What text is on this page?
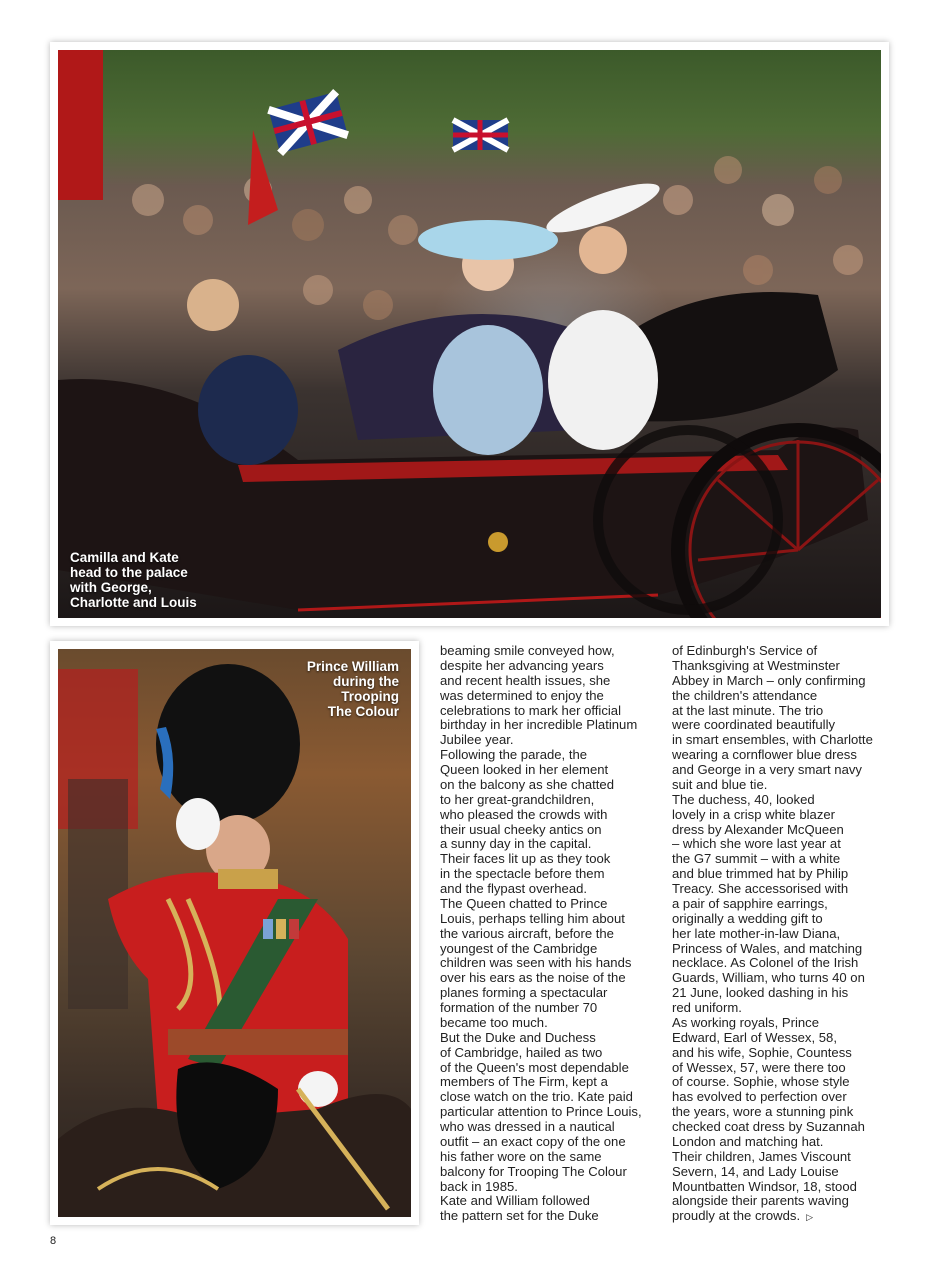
Camilla and Kate
head to the palace
with George,
Charlotte and Louis
Prince William
during the
Trooping
The Colour
beaming smile conveyed how,
despite her advancing years
and recent health issues, she
was determined to enjoy the
celebrations to mark her official
birthday in her incredible Platinum
Jubilee year.
Following the parade, the
Queen looked in her element
on the balcony as she chatted
to her great-grandchildren,
who pleased the crowds with
their usual cheeky antics on
a sunny day in the capital.
Their faces lit up as they took
in the spectacle before them
and the flypast overhead.
The Queen chatted to Prince
Louis, perhaps telling him about
the various aircraft, before the
youngest of the Cambridge
children was seen with his hands
over his ears as the noise of the
planes forming a spectacular
formation of the number 70
became too much.
But the Duke and Duchess
of Cambridge, hailed as two
of the Queen's most dependable
members of The Firm, kept a
close watch on the trio. Kate paid
particular attention to Prince Louis,
who was dressed in a nautical
outfit – an exact copy of the one
his father wore on the same
balcony for Trooping The Colour
back in 1985.
Kate and William followed
the pattern set for the Duke
of Edinburgh's Service of
Thanksgiving at Westminster
Abbey in March – only confirming
the children's attendance
at the last minute. The trio
were coordinated beautifully
in smart ensembles, with Charlotte
wearing a cornflower blue dress
and George in a very smart navy
suit and blue tie.
The duchess, 40, looked
lovely in a crisp white blazer
dress by Alexander McQueen
– which she wore last year at
the G7 summit – with a white
and blue trimmed hat by Philip
Treacy. She accessorised with
a pair of sapphire earrings,
originally a wedding gift to
her late mother-in-law Diana,
Princess of Wales, and matching
necklace. As Colonel of the Irish
Guards, William, who turns 40 on
21 June, looked dashing in his
red uniform.
As working royals, Prince
Edward, Earl of Wessex, 58,
and his wife, Sophie, Countess
of Wessex, 57, were there too
of course. Sophie, whose style
has evolved to perfection over
the years, wore a stunning pink
checked coat dress by Suzannah
London and matching hat.
Their children, James Viscount
Severn, 14, and Lady Louise
Mountbatten Windsor, 18, stood
alongside their parents waving
proudly at the crowds. ▷
8
